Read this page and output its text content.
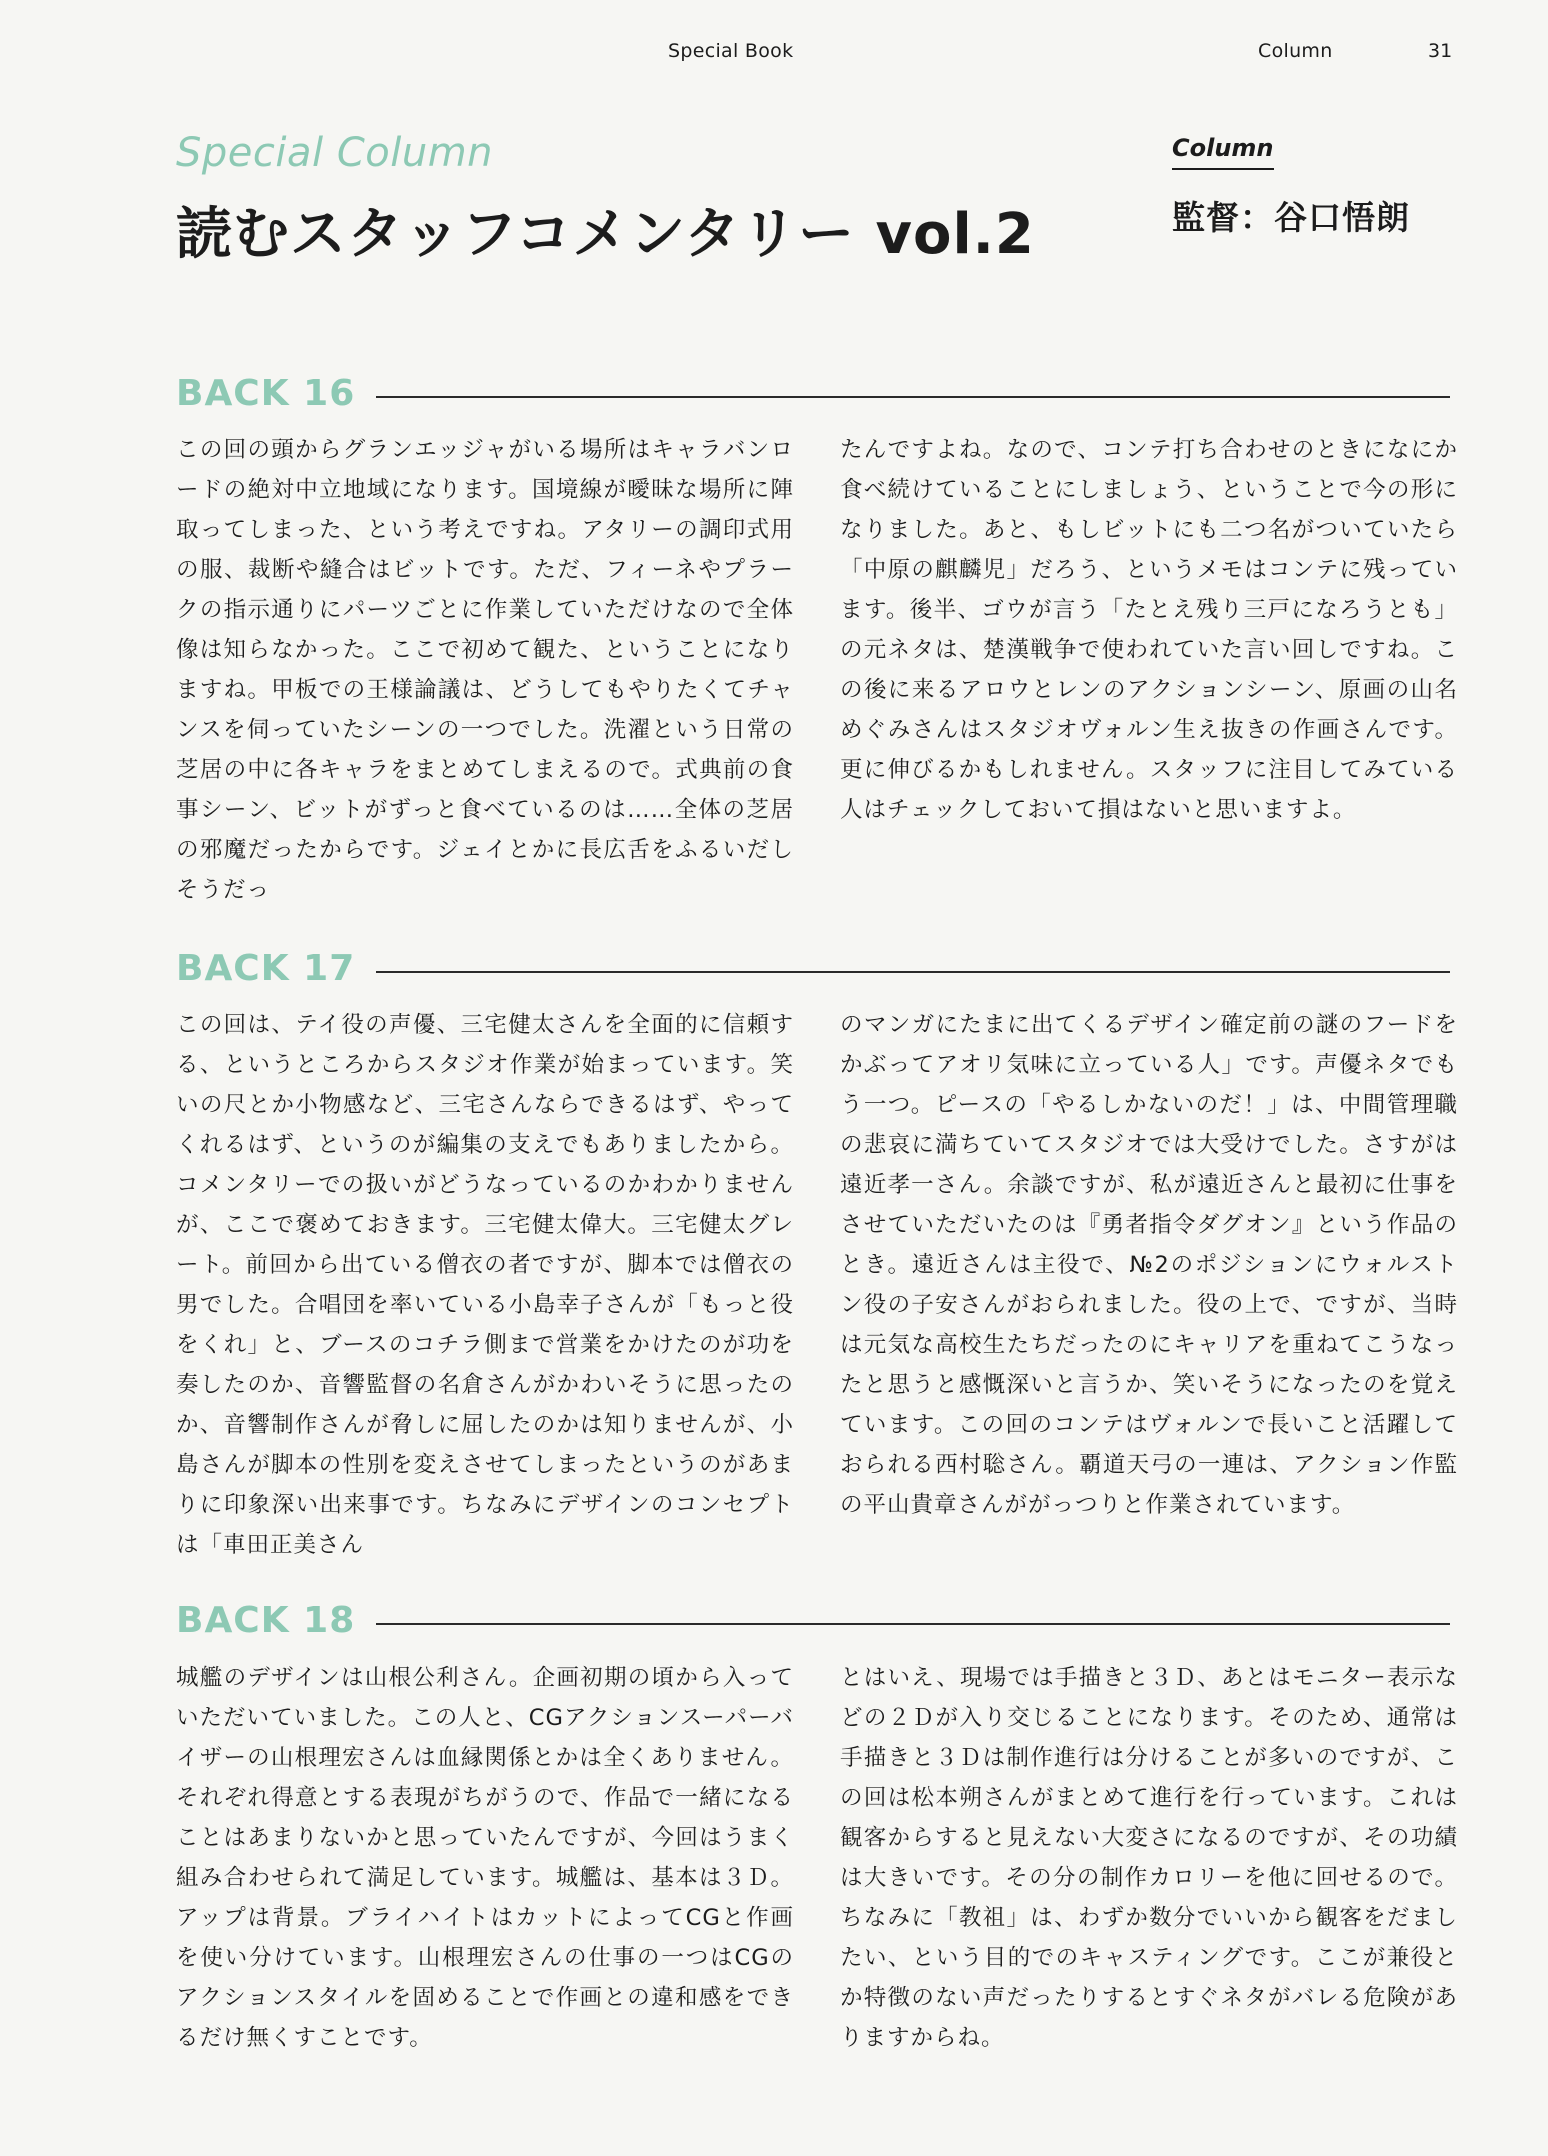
Special Book	Column	31
Special Column
読むスタッフコメンタリー vol.2
Column
監督：谷口悟朗
BACK 16
この回の頭からグランエッジャがいる場所はキャラバンロードの絶対中立地域になります。国境線が曖昧な場所に陣取ってしまった、という考えですね。アタリーの調印式用の服、裁断や縫合はビットです。ただ、フィーネやプラークの指示通りにパーツごとに作業していただけなので全体像は知らなかった。ここで初めて観た、ということになりますね。甲板での王様論議は、どうしてもやりたくてチャンスを伺っていたシーンの一つでした。洗濯という日常の芝居の中に各キャラをまとめてしまえるので。式典前の食事シーン、ビットがずっと食べているのは……全体の芝居の邪魔だったからです。ジェイとかに長広舌をふるいだしそうだっ
たんですよね。なので、コンテ打ち合わせのときになにか食べ続けていることにしましょう、ということで今の形になりました。あと、もしビットにも二つ名がついていたら「中原の麒麟児」だろう、というメモはコンテに残っています。後半、ゴウが言う「たとえ残り三戸になろうとも」の元ネタは、楚漢戦争で使われていた言い回しですね。この後に来るアロウとレンのアクションシーン、原画の山名めぐみさんはスタジオヴォルン生え抜きの作画さんです。更に伸びるかもしれません。スタッフに注目してみている人はチェックしておいて損はないと思いますよ。
BACK 17
この回は、テイ役の声優、三宅健太さんを全面的に信頼する、というところからスタジオ作業が始まっています。笑いの尺とか小物感など、三宅さんならできるはず、やってくれるはず、というのが編集の支えでもありましたから。コメンタリーでの扱いがどうなっているのかわかりませんが、ここで褒めておきます。三宅健太偉大。三宅健太グレート。前回から出ている僧衣の者ですが、脚本では僧衣の男でした。合唱団を率いている小島幸子さんが「もっと役をくれ」と、ブースのコチラ側まで営業をかけたのが功を奏したのか、音響監督の名倉さんがかわいそうに思ったのか、音響制作さんが脅しに屈したのかは知りませんが、小島さんが脚本の性別を変えさせてしまったというのがあまりに印象深い出来事です。ちなみにデザインのコンセプトは「車田正美さん
のマンガにたまに出てくるデザイン確定前の謎のフードをかぶってアオリ気味に立っている人」です。声優ネタでもう一つ。ピースの「やるしかないのだ！」は、中間管理職の悲哀に満ちていてスタジオでは大受けでした。さすがは遠近孝一さん。余談ですが、私が遠近さんと最初に仕事をさせていただいたのは『勇者指令ダグオン』という作品のとき。遠近さんは主役で、№2のポジションにウォルストン役の子安さんがおられました。役の上で、ですが、当時は元気な高校生たちだったのにキャリアを重ねてこうなったと思うと感慨深いと言うか、笑いそうになったのを覚えています。この回のコンテはヴォルンで長いこと活躍しておられる西村聡さん。覇道天弓の一連は、アクション作監の平山貴章さんががっつりと作業されています。
BACK 18
城艦のデザインは山根公利さん。企画初期の頃から入っていただいていました。この人と、CGアクションスーパーバイザーの山根理宏さんは血縁関係とかは全くありません。それぞれ得意とする表現がちがうので、作品で一緒になることはあまりないかと思っていたんですが、今回はうまく組み合わせられて満足しています。城艦は、基本は３Ｄ。アップは背景。ブライハイトはカットによってCGと作画を使い分けています。山根理宏さんの仕事の一つはCGのアクションスタイルを固めることで作画との違和感をできるだけ無くすことです。
とはいえ、現場では手描きと３Ｄ、あとはモニター表示などの２Ｄが入り交じることになります。そのため、通常は手描きと３Ｄは制作進行は分けることが多いのですが、この回は松本朔さんがまとめて進行を行っています。これは観客からすると見えない大変さになるのですが、その功績は大きいです。その分の制作カロリーを他に回せるので。ちなみに「教祖」は、わずか数分でいいから観客をだましたい、という目的でのキャスティングです。ここが兼役とか特徴のない声だったりするとすぐネタがバレる危険がありますからね。
